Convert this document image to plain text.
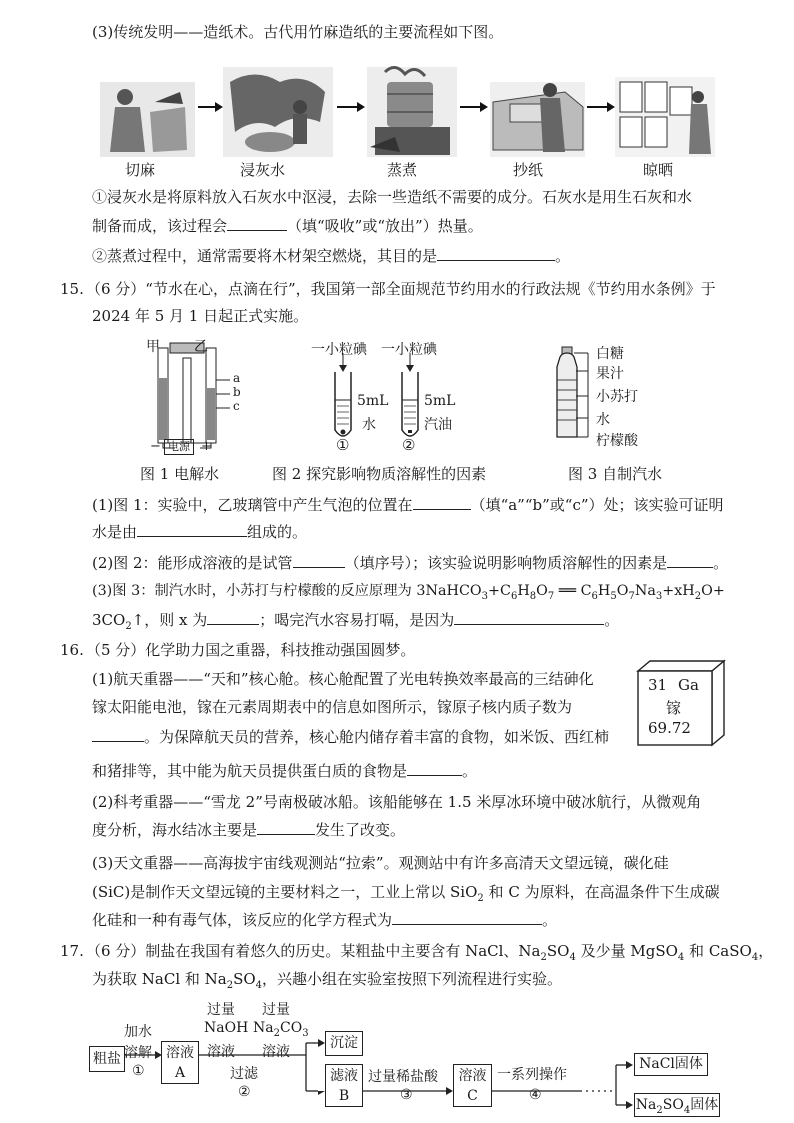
(3)传统发明——造纸术。古代用竹麻造纸的主要流程如下图。
切麻	浸灰水	蒸煮	抄纸	晾晒
①浸灰水是将原料放入石灰水中沤浸，去除一些造纸不需要的成分。石灰水是用生石灰和水
制备而成，该过程会	（填“吸收”或“放出”）热量。
②蒸煮过程中，通常需要将木材架空燃烧，其目的是	。
15. （6 分）“节水在心，点滴在行”，我国第一部全面规范节约用水的行政法规《节约用水条例》于
2024 年 5 月 1 日起正式实施。
甲 乙
a
b
c
− 电源 +
图 1 电解水
一小粒碘 一小粒碘
5mL
水
5mL
汽油
①	②
图 2 探究影响物质溶解性的因素
白糖
果汁
小苏打
水
柠檬酸
图 3 自制汽水
(1)图 1：实验中，乙玻璃管中产生气泡的位置在	（填“a”“b”或“c”）处；该实验可证明
水是由	组成的。
(2)图 2：能形成溶液的是试管	（填序号）；该实验说明影响物质溶解性的因素是	。
(3)图 3：制汽水时，小苏打与柠檬酸的反应原理为 $3NaHCO_3+C_6H_8O_7$ ══ $C_6H_5O_7Na_3+xH_2O+$
$3CO_2↑$，则 x 为	；喝完汽水容易打嗝，是因为	。
16. （5 分）化学助力国之重器，科技推动强国圆梦。
(1)航天重器——“天和”核心舱。核心舱配置了光电转换效率最高的三结砷化
镓太阳能电池，镓在元素周期表中的信息如图所示，镓原子核内质子数为
。为保障航天员的营养，核心舱内储存着丰富的食物，如米饭、西红柿
和猪排等，其中能为航天员提供蛋白质的食物是	。
31 Ga
镓
69.72
(2)科考重器——“雪龙 2”号南极破冰船。该船能够在 1.5 米厚冰环境中破冰航行，从微观角
度分析，海水结冰主要是	发生了改变。
(3)天文重器——高海拔宇宙线观测站“拉索”。观测站中有许多高清天文望远镜，碳化硅
(SiC)是制作天文望远镜的主要材料之一，工业上常以 SiO$_2$ 和 C 为原料，在高温条件下生成碳
化硅和一种有毒气体，该反应的化学方程式为	。
17. （6 分）制盐在我国有着悠久的历史。某粗盐中主要含有 NaCl、$Na_2SO_4$ 及少量 MgSO$_4$ 和 CaSO$_4$，
为获取 NaCl 和 $Na_2SO_4$，兴趣小组在实验室按照下列流程进行实验。
粗盐
加水
溶解
①
溶液
A
过量
NaOH
溶液
过量
$Na_2CO_3$
溶液
过滤
②
沉淀
滤液
B
过量稀盐酸
③
溶液
C
一系列操作
④
NaCl固体
$Na_2SO_4$固体
